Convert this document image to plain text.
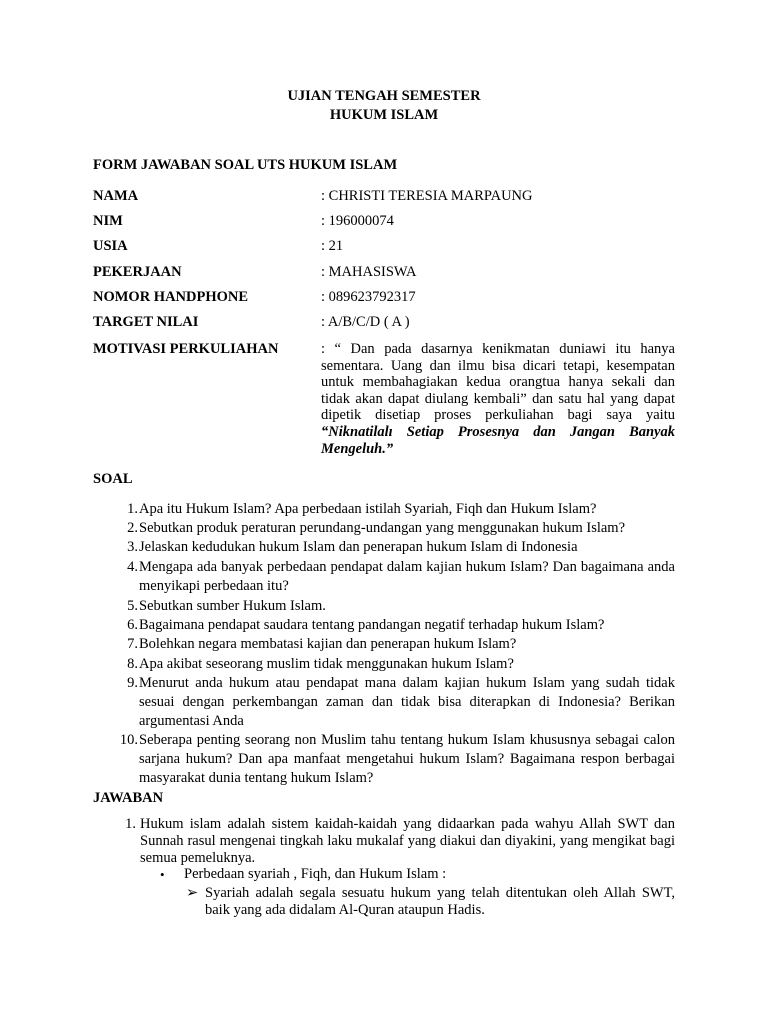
UJIAN TENGAH SEMESTER
HUKUM ISLAM
FORM JAWABAN SOAL UTS HUKUM ISLAM
NAMA	: CHRISTI TERESIA MARPAUNG
NIM	: 196000074
USIA	: 21
PEKERJAAN	: MAHASISWA
NOMOR HANDPHONE	: 089623792317
TARGET NILAI	: A/B/C/D ( A )
MOTIVASI PERKULIAHAN	: “ Dan pada dasarnya kenikmatan duniawi itu hanya sementara. Uang dan ilmu bisa dicari tetapi, kesempatan untuk membahagiakan kedua orangtua hanya sekali dan tidak akan dapat diulang kembali” dan satu hal yang dapat dipetik disetiap proses perkuliahan bagi saya yaitu “Niknatilalı Setiap Prosesnya dan Jangan Banyak Mengeluh.”
SOAL
1. Apa itu Hukum Islam? Apa perbedaan istilah Syariah, Fiqh dan Hukum Islam?
2. Sebutkan produk peraturan perundang-undangan yang menggunakan hukum Islam?
3. Jelaskan kedudukan hukum Islam dan penerapan hukum Islam di Indonesia
4. Mengapa ada banyak perbedaan pendapat dalam kajian hukum Islam? Dan bagaimana anda menyikapi perbedaan itu?
5. Sebutkan sumber Hukum Islam.
6. Bagaimana pendapat saudara tentang pandangan negatif terhadap hukum Islam?
7. Bolehkan negara membatasi kajian dan penerapan hukum Islam?
8. Apa akibat seseorang muslim tidak menggunakan hukum Islam?
9. Menurut anda hukum atau pendapat mana dalam kajian hukum Islam yang sudah tidak sesuai dengan perkembangan zaman dan tidak bisa diterapkan di Indonesia? Berikan argumentasi Anda
10. Seberapa penting seorang non Muslim tahu tentang hukum Islam khususnya sebagai calon sarjana hukum? Dan apa manfaat mengetahui hukum Islam? Bagaimana respon berbagai masyarakat dunia tentang hukum Islam?
JAWABAN
1. Hukum islam adalah sistem kaidah-kaidah yang didaarkan pada wahyu Allah SWT dan Sunnah rasul mengenai tingkah laku mukalaf yang diakui dan diyakini, yang mengikat bagi semua pemeluknya.
• Perbedaan syariah , Fiqh, dan Hukum Islam :
➢ Syariah adalah segala sesuatu hukum yang telah ditentukan oleh Allah SWT, baik yang ada didalam Al-Quran ataupun Hadis.
